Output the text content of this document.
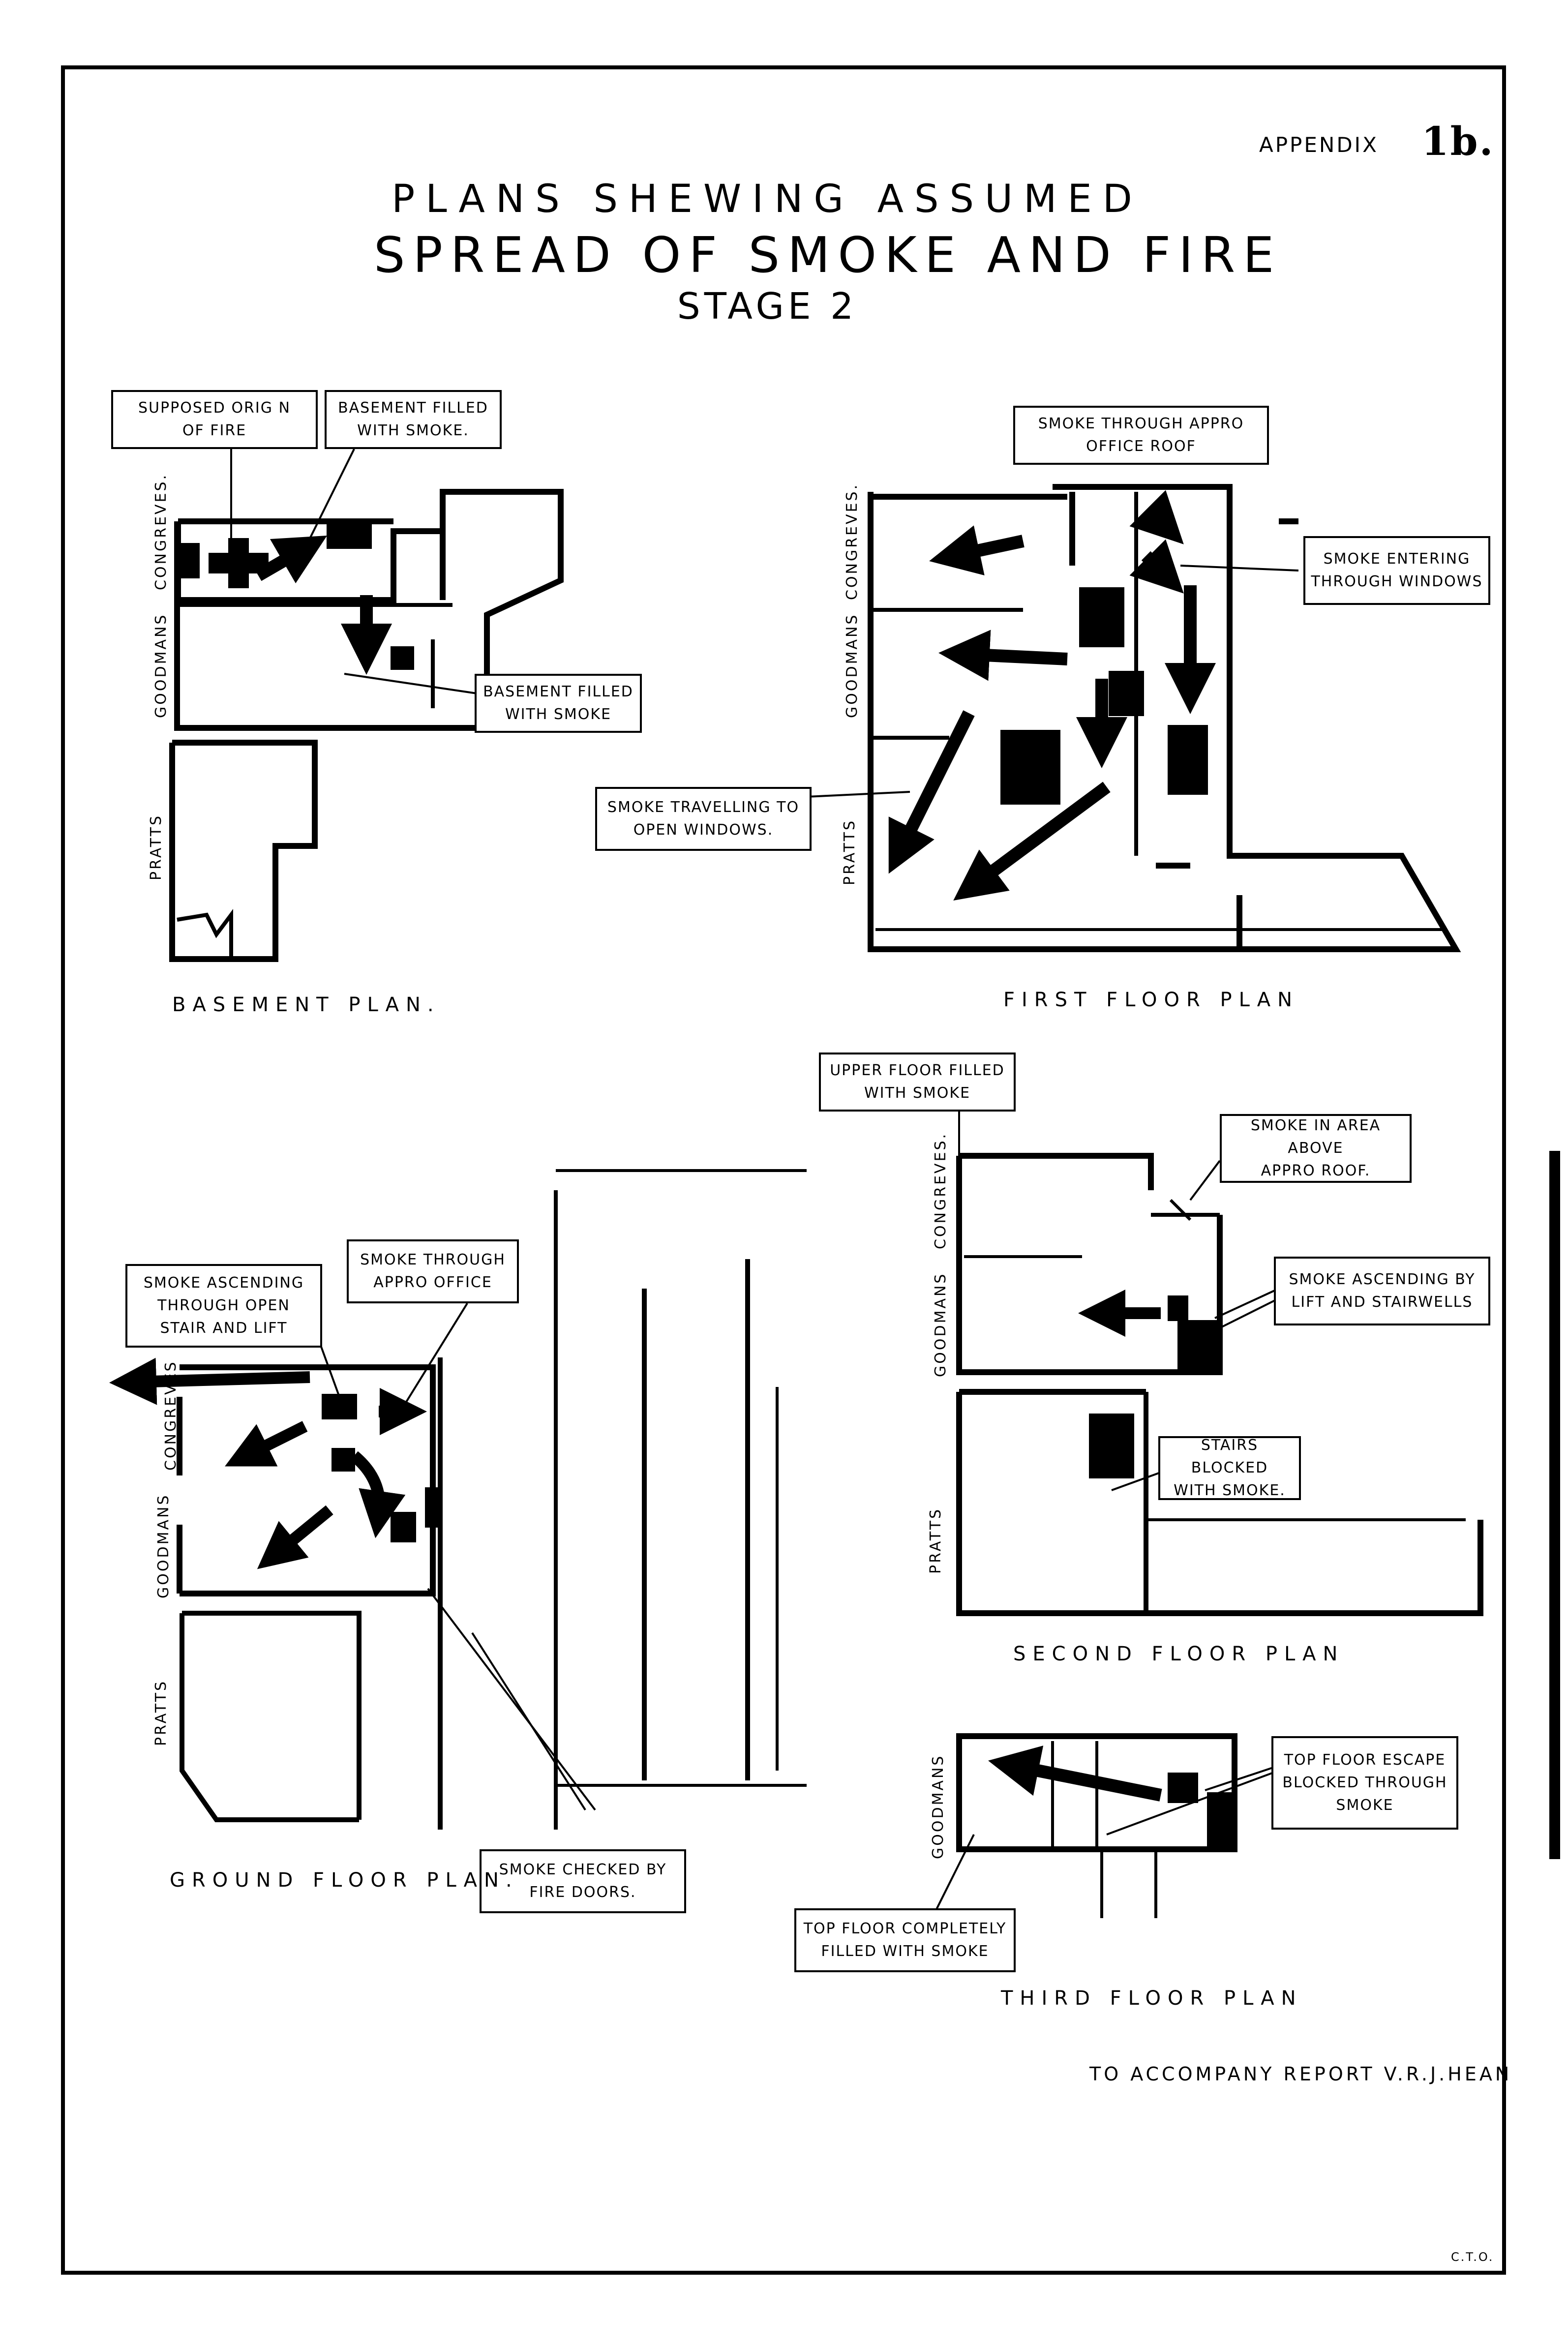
APPENDIX 1b.
PLANS SHEWING ASSUMED
SPREAD OF SMOKE AND FIRE
STAGE 2
SUPPOSED ORIG N
OF FIRE
BASEMENT FILLED
WITH SMOKE.
BASEMENT FILLED
WITH SMOKE
CONGREVES.
GOODMANS
PRATTS
BASEMENT PLAN.
SMOKE THROUGH APPRO
OFFICE ROOF
SMOKE ENTERING
THROUGH WINDOWS
SMOKE TRAVELLING TO
OPEN WINDOWS.
CONGREVES.
GOODMANS
PRATTS
FIRST FLOOR PLAN
SMOKE ASCENDING
THROUGH OPEN
STAIR AND LIFT
SMOKE THROUGH
APPRO OFFICE
SMOKE CHECKED BY
FIRE DOORS.
CONGREVES
GOODMANS
PRATTS
GROUND FLOOR PLAN.
UPPER FLOOR FILLED
WITH SMOKE
SMOKE IN AREA ABOVE
APPRO ROOF.
SMOKE ASCENDING BY
LIFT AND STAIRWELLS
STAIRS BLOCKED
WITH SMOKE.
CONGREVES.
GOODMANS
PRATTS
SECOND FLOOR PLAN
TOP FLOOR ESCAPE
BLOCKED THROUGH
SMOKE
TOP FLOOR COMPLETELY
FILLED WITH SMOKE
GOODMANS
THIRD FLOOR PLAN
TO ACCOMPANY REPORT V.R.J.HEAN
C.T.O.
